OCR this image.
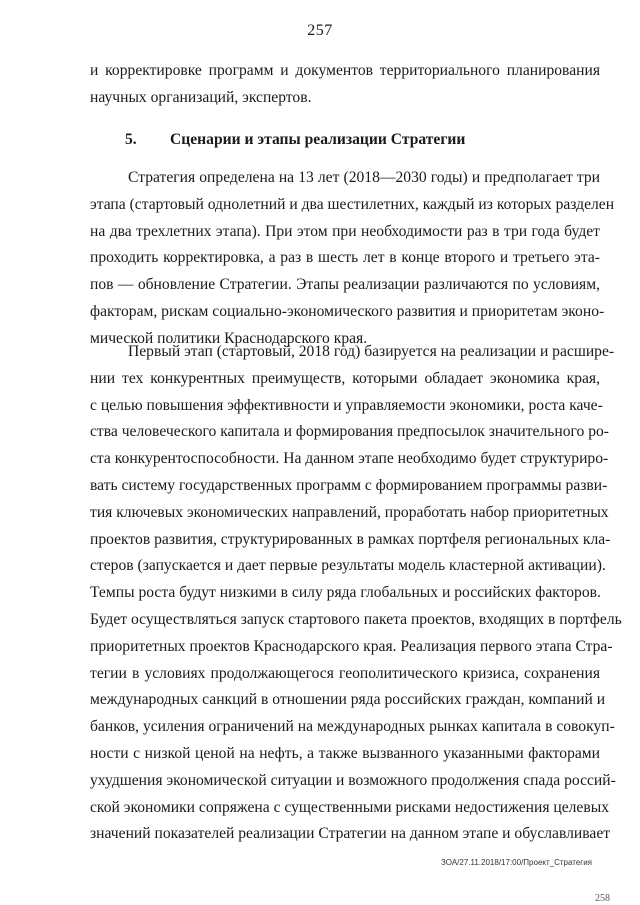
257
и корректировке программ и документов территориального планирования
научных организаций, экспертов.
5. Сценарии и этапы реализации Стратегии
Стратегия определена на 13 лет (2018—2030 годы) и предполагает три
этапа (стартовый однолетний и два шестилетних, каждый из которых разделен
на два трехлетних этапа). При этом при необходимости раз в три года будет
проходить корректировка, а раз в шесть лет в конце второго и третьего эта-
пов — обновление Стратегии. Этапы реализации различаются по условиям,
факторам, рискам социально-экономического развития и приоритетам эконо-
мической политики Краснодарского края.
Первый этап (стартовый, 2018 год) базируется на реализации и расшире-
нии тех конкурентных преимуществ, которыми обладает экономика края,
с целью повышения эффективности и управляемости экономики, роста каче-
ства человеческого капитала и формирования предпосылок значительного ро-
ста конкурентоспособности. На данном этапе необходимо будет структуриро-
вать систему государственных программ с формированием программы разви-
тия ключевых экономических направлений, проработать набор приоритетных
проектов развития, структурированных в рамках портфеля региональных кла-
стеров (запускается и дает первые результаты модель кластерной активации).
Темпы роста будут низкими в силу ряда глобальных и российских факторов.
Будет осуществляться запуск стартового пакета проектов, входящих в портфель
приоритетных проектов Краснодарского края. Реализация первого этапа Стра-
тегии в условиях продолжающегося геополитического кризиса, сохранения
международных санкций в отношении ряда российских граждан, компаний и
банков, усиления ограничений на международных рынках капитала в совокуп-
ности с низкой ценой на нефть, а также вызванного указанными факторами
ухудшения экономической ситуации и возможного продолжения спада россий-
ской экономики сопряжена с существенными рисками недостижения целевых
значений показателей реализации Стратегии на данном этапе и обуславливает
ЗОА/27.11.2018/17:00/Проект_Стратегия
258
